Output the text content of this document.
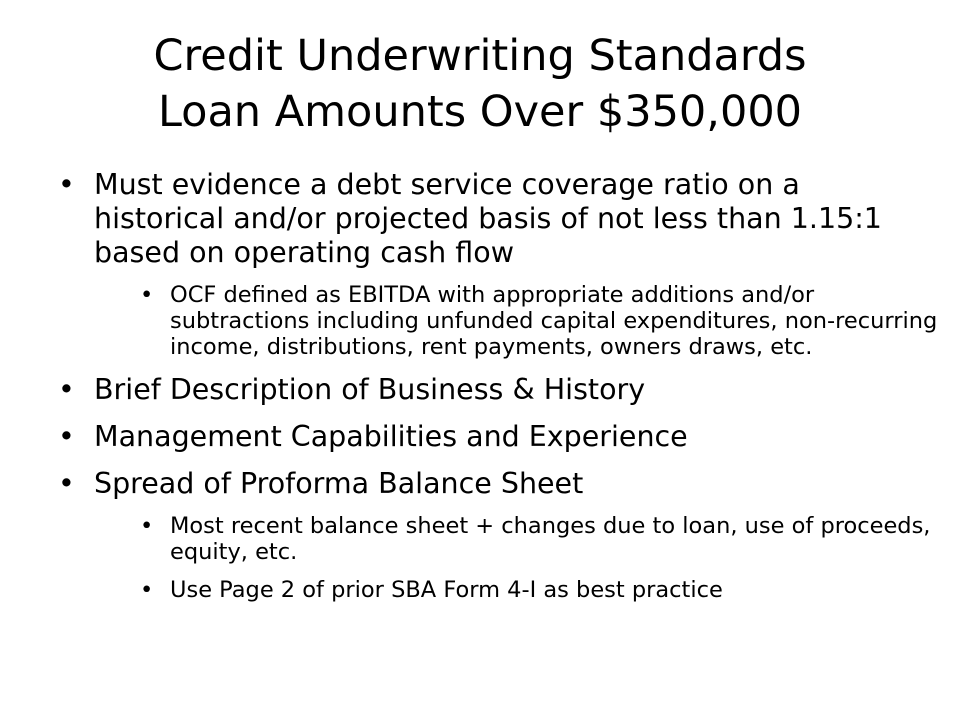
Credit Underwriting Standards
Loan Amounts Over $350,000
• Must evidence a debt service coverage ratio on a historical and/or projected basis of not less than 1.15:1 based on operating cash flow
• OCF defined as EBITDA with appropriate additions and/or subtractions including unfunded capital expenditures, non-recurring income, distributions, rent payments, owners draws, etc.
• Brief Description of Business & History
• Management Capabilities and Experience
• Spread of Proforma Balance Sheet
• Most recent balance sheet + changes due to loan, use of proceeds, equity, etc.
• Use Page 2 of prior SBA Form 4-I as best practice
